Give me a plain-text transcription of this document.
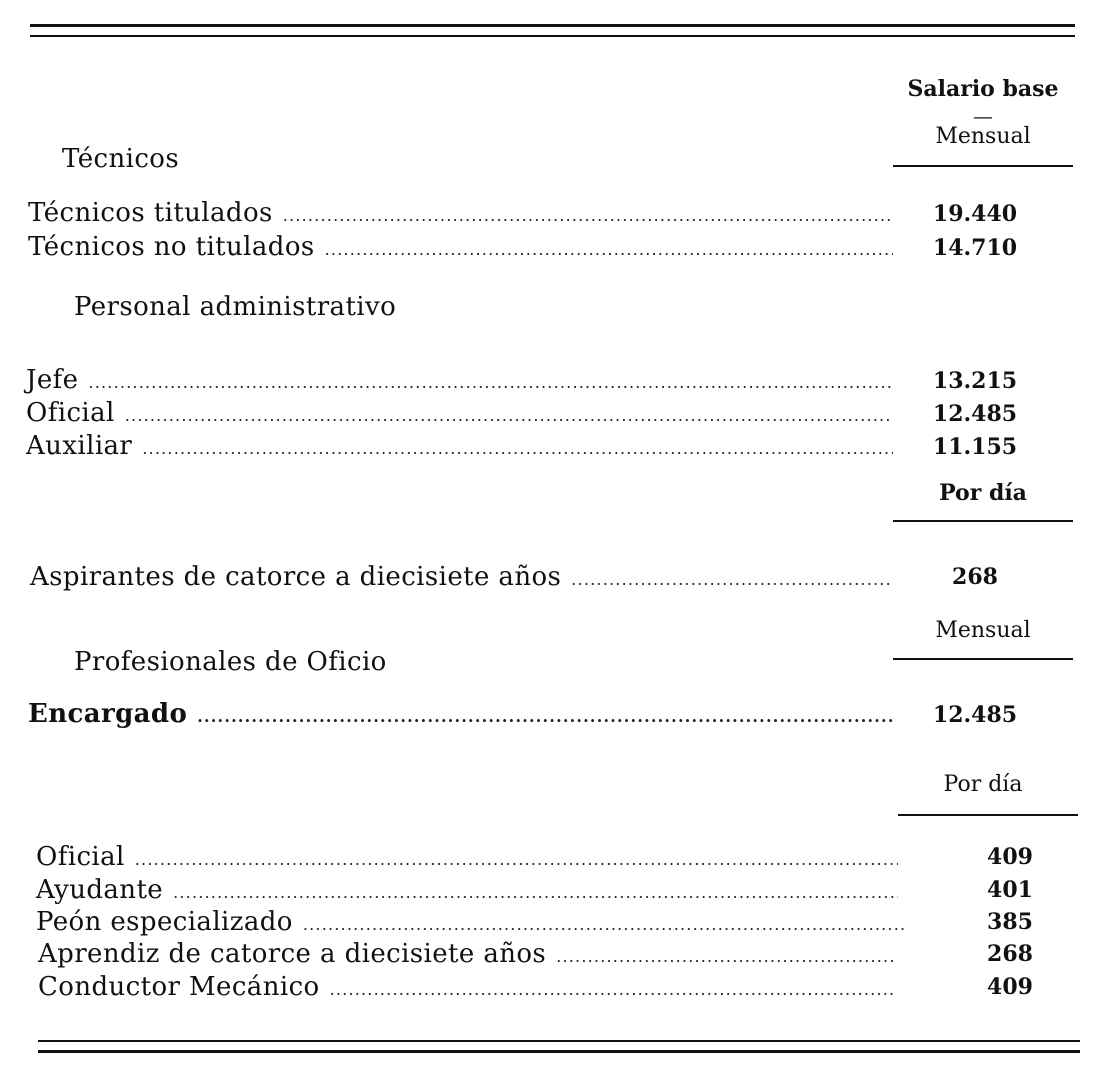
Salario base
—
Mensual
Técnicos
Técnicos titulados .....	19.440
Técnicos no titulados .....	14.710
Personal administrativo
Jefe .....	13.215
Oficial .....	12.485
Auxiliar .....	11.155
Por día
Aspirantes de catorce a diecisiete años .....	268
Mensual
Profesionales de Oficio
Encargado .....	12.485
Por día
Oficial .....	409
Ayudante .....	401
Peón especializado .....	385
Aprendiz de catorce a diecisiete años .....	268
Conductor Mecánico .....	409
